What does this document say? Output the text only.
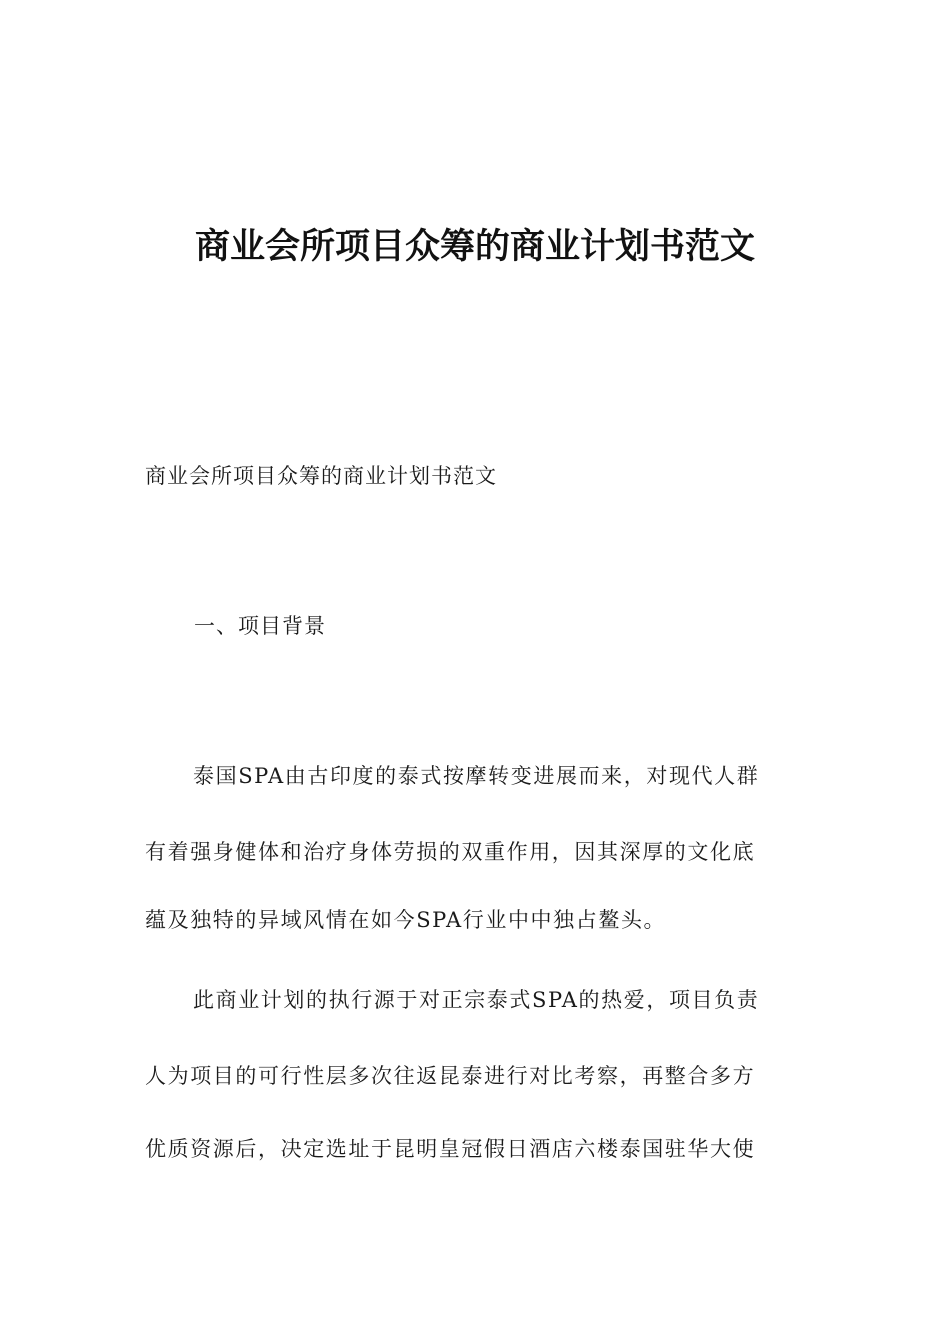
商业会所项目众筹的商业计划书范文

商业会所项目众筹的商业计划书范文

一、项目背景

泰国SPA由古印度的泰式按摩转变进展而来，对现代人群

有着强身健体和治疗身体劳损的双重作用，因其深厚的文化底

蕴及独特的异域风情在如今SPA行业中中独占鳌头。

此商业计划的执行源于对正宗泰式SPA的热爱，项目负责

人为项目的可行性层多次往返昆泰进行对比考察，再整合多方

优质资源后，决定选址于昆明皇冠假日酒店六楼泰国驻华大使
